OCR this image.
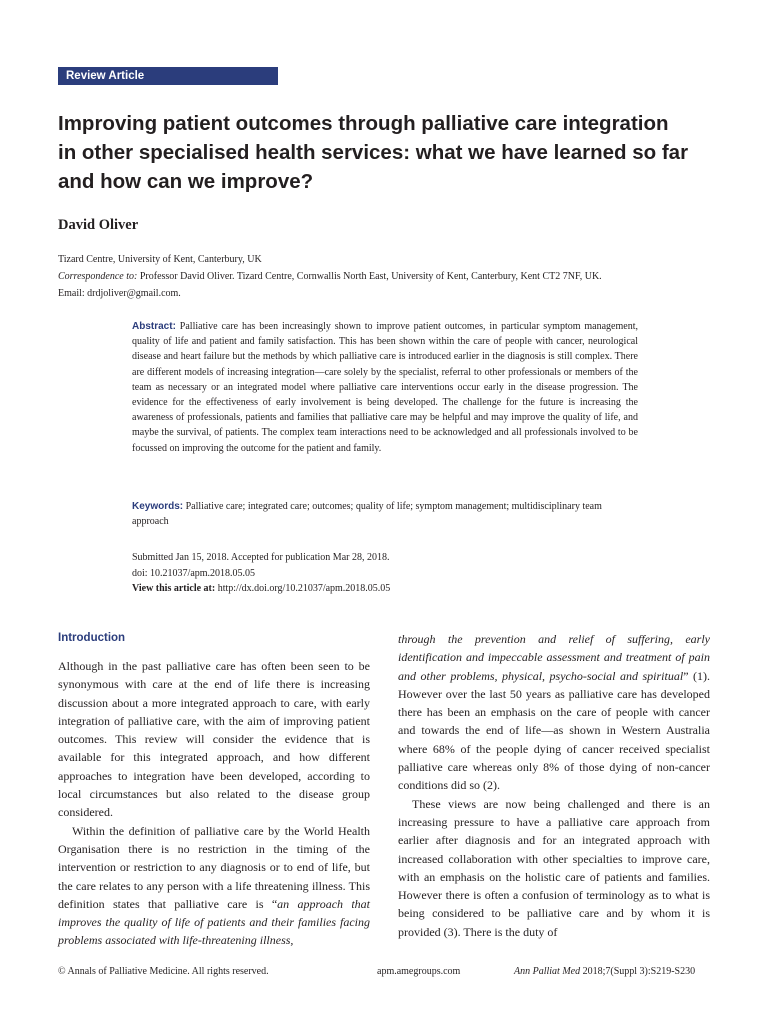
Review Article
Improving patient outcomes through palliative care integration
in other specialised health services: what we have learned so far
and how can we improve?
David Oliver
Tizard Centre, University of Kent, Canterbury, UK
Correspondence to: Professor David Oliver. Tizard Centre, Cornwallis North East, University of Kent, Canterbury, Kent CT2 7NF, UK.
Email: drdjoliver@gmail.com.
Abstract: Palliative care has been increasingly shown to improve patient outcomes, in particular symptom management, quality of life and patient and family satisfaction. This has been shown within the care of people with cancer, neurological disease and heart failure but the methods by which palliative care is introduced earlier in the diagnosis is still complex. There are different models of increasing integration—care solely by the specialist, referral to other professionals or members of the team as necessary or an integrated model where palliative care interventions occur early in the disease progression. The evidence for the effectiveness of early involvement is being developed. The challenge for the future is increasing the awareness of professionals, patients and families that palliative care may be helpful and may improve the quality of life, and maybe the survival, of patients. The complex team interactions need to be acknowledged and all professionals involved to be focussed on improving the outcome for the patient and family.
Keywords: Palliative care; integrated care; outcomes; quality of life; symptom management; multidisciplinary team approach
Submitted Jan 15, 2018. Accepted for publication Mar 28, 2018.
doi: 10.21037/apm.2018.05.05
View this article at: http://dx.doi.org/10.21037/apm.2018.05.05
Introduction

Although in the past palliative care has often been seen to be synonymous with care at the end of life there is increasing discussion about a more integrated approach to care, with early integration of palliative care, with the aim of improving patient outcomes. This review will consider the evidence that is available for this integrated approach, and how different approaches to integration have been developed, according to local circumstances but also related to the disease group considered.

Within the definition of palliative care by the World Health Organisation there is no restriction in the timing of the intervention or restriction to any diagnosis or to end of life, but the care relates to any person with a life threatening illness. This definition states that palliative care is “an approach that improves the quality of life of patients and their families facing problems associated with life-threatening illness,

through the prevention and relief of suffering, early identification and impeccable assessment and treatment of pain and other problems, physical, psycho-social and spiritual” (1). However over the last 50 years as palliative care has developed there has been an emphasis on the care of people with cancer and towards the end of life—as shown in Western Australia where 68% of the people dying of cancer received specialist palliative care whereas only 8% of those dying of non-cancer conditions did so (2).

These views are now being challenged and there is an increasing pressure to have a palliative care approach from earlier after diagnosis and for an integrated approach with increased collaboration with other specialties to improve care, with an emphasis on the holistic care of patients and families. However there is often a confusion of terminology as to what is being considered to be palliative care and by whom it is provided (3). There is the duty of

© Annals of Palliative Medicine. All rights reserved.	apm.amegroups.com	Ann Palliat Med 2018;7(Suppl 3):S219-S230
